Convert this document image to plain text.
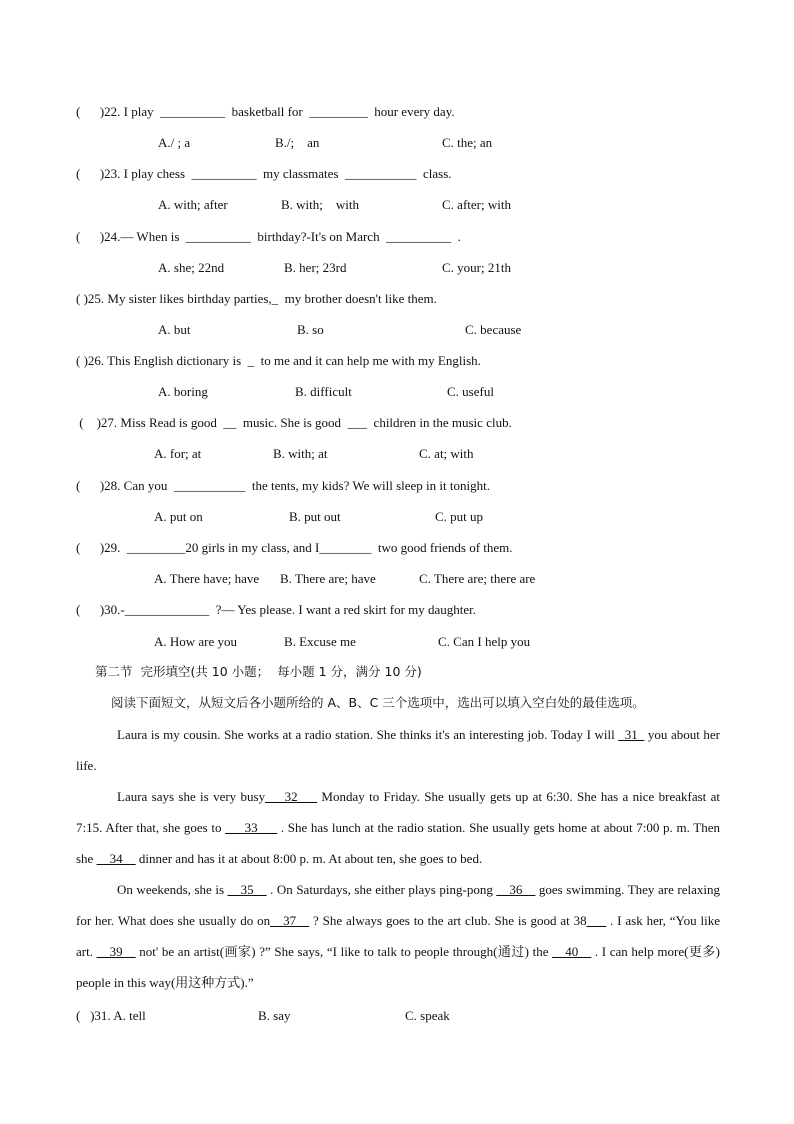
(      )22. I play  __________  basketball for  _________  hour every day.
A./ ; a	B./;    an	C. the; an
(      )23. I play chess  __________  my classmates  ___________  class.
A. with; after	B. with;    with	C. after; with
(      )24.— When is  __________  birthday?-It's on March  __________  .
A. she; 22nd	B. her; 23rd	C. your; 21th
( )25. My sister likes birthday parties,_  my brother doesn't like them.
A. but	B. so	C. because
( )26. This English dictionary is  _  to me and it can help me with my English.
A. boring	B. difficult	C. useful
(    )27. Miss Read is good  __  music. She is good  ___  children in the music club.
A. for; at	B. with; at	C. at; with
(      )28. Can you  ___________  the tents, my kids? We will sleep in it tonight.
A. put on	B. put out	C. put up
(      )29.  _________20 girls in my class, and I________  two good friends of them.
A. There have; have B. There are; have	C. There are; there are
(      )30.-_____________  ?— Yes please. I want a red skirt for my daughter.
A. How are you	B. Excuse me	C. Can I help you
第二节  完形填空(共 10 小题；  每小题 1 分，满分 10 分)
阅读下面短文，从短文后各小题所给的 A、B、C 三个选项中，选出可以填入空白处的最佳选项。

Laura is my cousin. She works at a radio station. She thinks it's an interesting job. Today I will _31_ you about her life.

Laura says she is very busy___32___ Monday to Friday. She usually gets up at 6:30. She has a nice breakfast at 7:15. After that, she goes to ___33___ . She has lunch at the radio station. She usually gets home at about 7:00 p. m. Then she __34__ dinner and has it at about 8:00 p. m. At about ten, she goes to bed.

On weekends, she is __35__ . On Saturdays, she either plays ping-pong __36__ goes swimming. They are relaxing for her. What does she usually do on__37__ ? She always goes to the art club. She is good at 38___ . I ask her, “You like art. __39__ not' be an artist(画家) ?” She says, “I like to talk to people through(通过) the __40__ . I can help more(更多) people in this way(用这种方式).”

(   )31. A. tell	B. say	C. speak
